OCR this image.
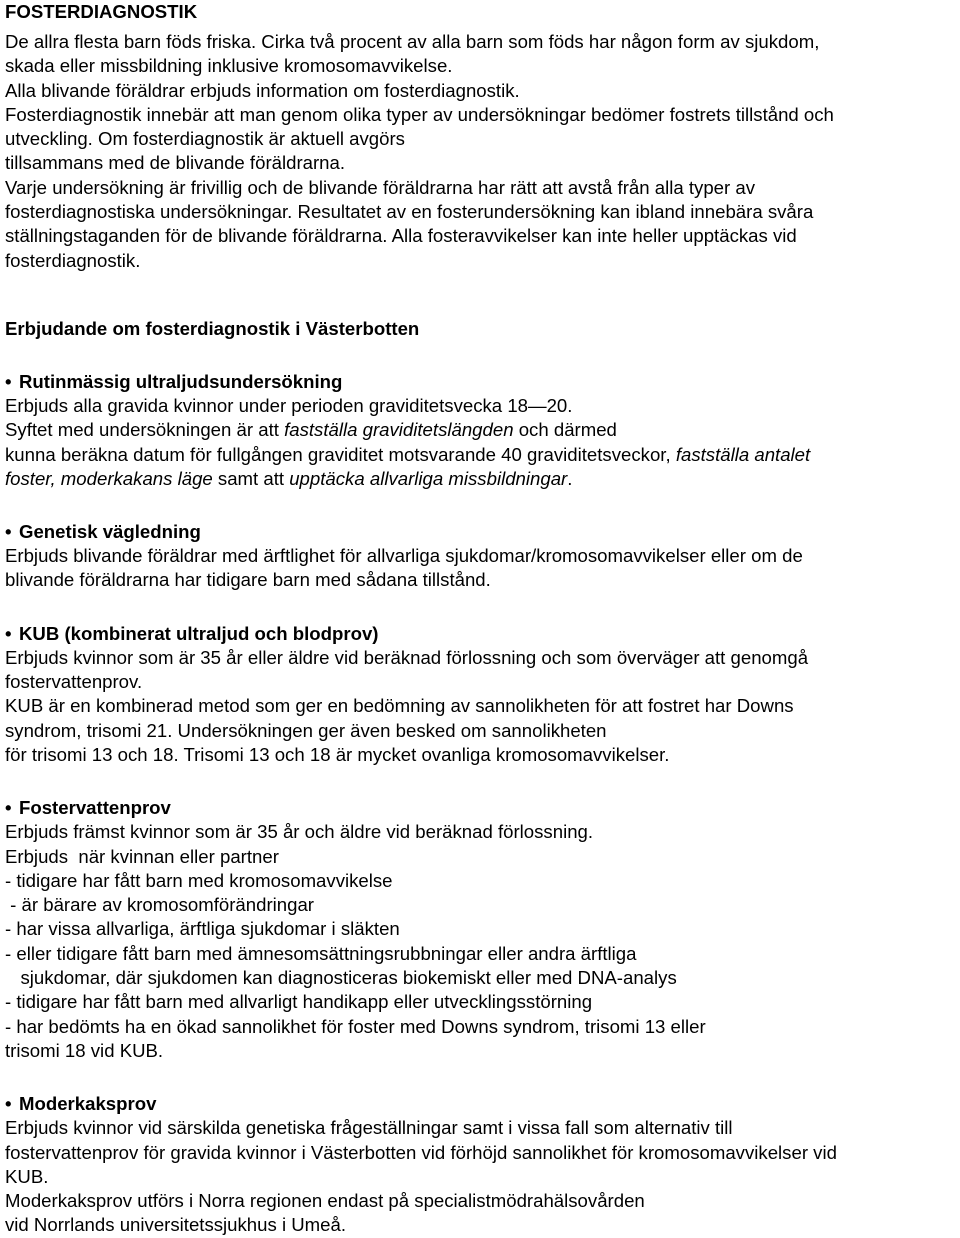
FOSTERDIAGNOSTIK
De allra flesta barn föds friska. Cirka två procent av alla barn som föds har någon form av sjukdom,
skada eller missbildning inklusive kromosomavvikelse.
Alla blivande föräldrar erbjuds information om fosterdiagnostik.
Fosterdiagnostik innebär att man genom olika typer av undersökningar bedömer fostrets tillstånd och
utveckling. Om fosterdiagnostik är aktuell avgörs
tillsammans med de blivande föräldrarna.
Varje undersökning är frivillig och de blivande föräldrarna har rätt att avstå från alla typer av
fosterdiagnostiska undersökningar. Resultatet av en fosterundersökning kan ibland innebära svåra
ställningstaganden för de blivande föräldrarna. Alla fosteravvikelser kan inte heller upptäckas vid
fosterdiagnostik.
Erbjudande om fosterdiagnostik i Västerbotten
• Rutinmässig ultraljudsundersökning
Erbjuds alla gravida kvinnor under perioden graviditetsvecka 18—20.
Syftet med undersökningen är att fastställa graviditetslängden och därmed
kunna beräkna datum för fullgången graviditet motsvarande 40 graviditetsveckor, fastställa antalet
foster, moderkakans läge samt att upptäcka allvarliga missbildningar.
• Genetisk vägledning
Erbjuds blivande föräldrar med ärftlighet för allvarliga sjukdomar/kromosomavvikelser eller om de
blivande föräldrarna har tidigare barn med sådana tillstånd.
• KUB (kombinerat ultraljud och blodprov)
Erbjuds kvinnor som är 35 år eller äldre vid beräknad förlossning och som överväger att genomgå
fostervattenprov.
KUB är en kombinerad metod som ger en bedömning av sannolikheten för att fostret har Downs
syndrom, trisomi 21. Undersökningen ger även besked om sannolikheten
för trisomi 13 och 18. Trisomi 13 och 18 är mycket ovanliga kromosomavvikelser.
• Fostervattenprov
Erbjuds främst kvinnor som är 35 år och äldre vid beräknad förlossning.
Erbjuds  när kvinnan eller partner
- tidigare har fått barn med kromosomavvikelse
- är bärare av kromosomförändringar
- har vissa allvarliga, ärftliga sjukdomar i släkten
- eller tidigare fått barn med ämnesomsättningsrubbningar eller andra ärftliga
sjukdomar, där sjukdomen kan diagnosticeras biokemiskt eller med DNA-analys
- tidigare har fått barn med allvarligt handikapp eller utvecklingsstörning
- har bedömts ha en ökad sannolikhet för foster med Downs syndrom, trisomi 13 eller
trisomi 18 vid KUB.
• Moderkaksprov
Erbjuds kvinnor vid särskilda genetiska frågeställningar samt i vissa fall som alternativ till
fostervattenprov för gravida kvinnor i Västerbotten vid förhöjd sannolikhet för kromosomavvikelser vid
KUB.
Moderkaksprov utförs i Norra regionen endast på specialistmödrahälsovården
vid Norrlands universitetssjukhus i Umeå.
